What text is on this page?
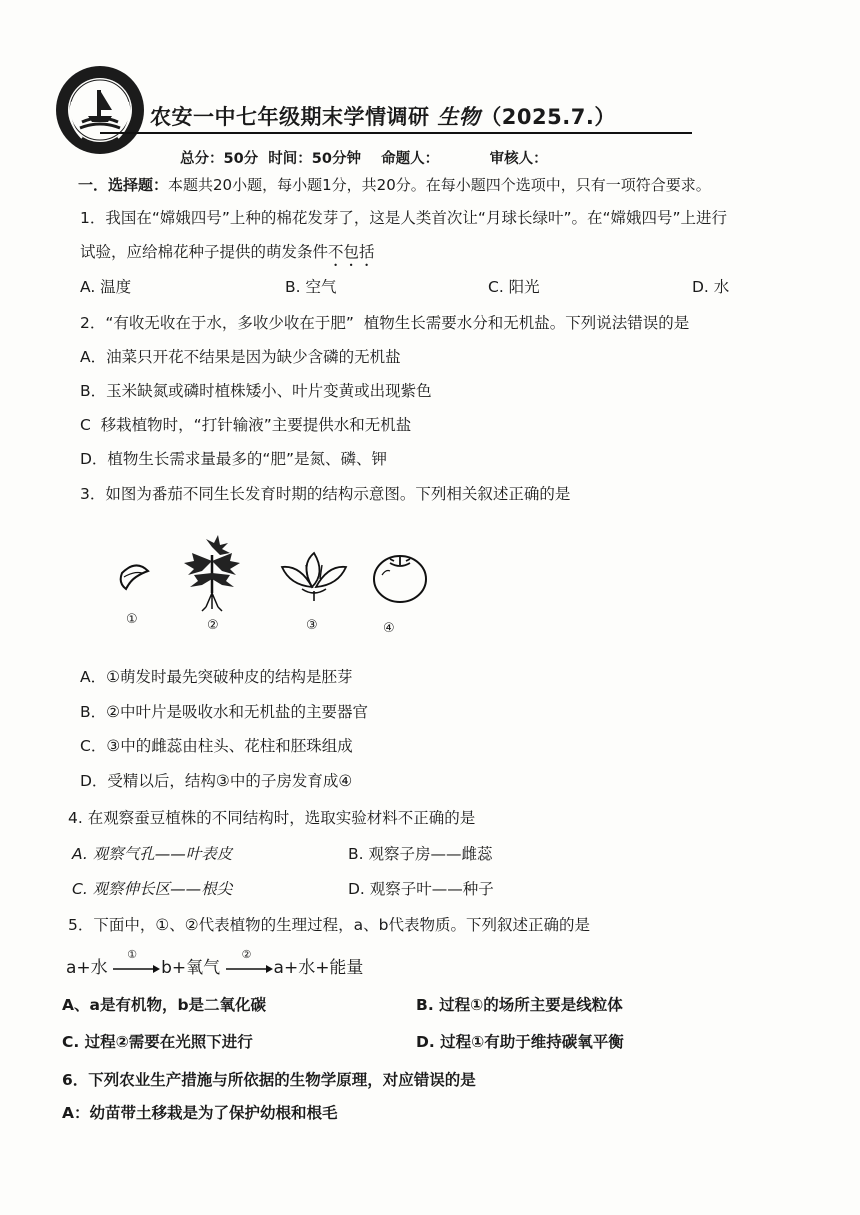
农安一中七年级期末学情调研 生物（2025.7.）
总分：50分  时间：50分钟    命题人：          审核人：
一．选择题：本题共20小题，每小题1分，共20分。在每小题四个选项中，只有一项符合要求。
1．我国在“嫦娥四号”上种的棉花发芽了，这是人类首次让“月球长绿叶”。在“嫦娥四号”上进行
试验，应给棉花种子提供的萌发条件不包括
A. 温度	B. 空气	C. 阳光	D. 水
2．“有收无收在于水，多收少收在于肥”  植物生长需要水分和无机盐。下列说法错误的是
A．油菜只开花不结果是因为缺少含磷的无机盐
B．玉米缺氮或磷时植株矮小、叶片变黄或出现紫色
C  移栽植物时，“打针输液”主要提供水和无机盐
D．植物生长需求量最多的“肥”是氮、磷、钾
3．如图为番茄不同生长发育时期的结构示意图。下列相关叙述正确的是
①	②	③	④
A．①萌发时最先突破种皮的结构是胚芽
B．②中叶片是吸收水和无机盐的主要器官
C．③中的雌蕊由柱头、花柱和胚珠组成
D．受精以后，结构③中的子房发育成④
4. 在观察蚕豆植株的不同结构时，选取实验材料不正确的是
A. 观察气孔——叶表皮	B. 观察子房——雌蕊
C. 观察伸长区——根尖	D. 观察子叶——种子
5．下面中，①、②代表植物的生理过程，a、b代表物质。下列叙述正确的是
a+水
①
b+氧气
②
a+水+能量
A、a是有机物，b是二氧化碳	B. 过程①的场所主要是线粒体
C. 过程②需要在光照下进行	D. 过程①有助于维持碳氧平衡
6．下列农业生产措施与所依据的生物学原理，对应错误的是
A：幼苗带土移栽是为了保护幼根和根毛
